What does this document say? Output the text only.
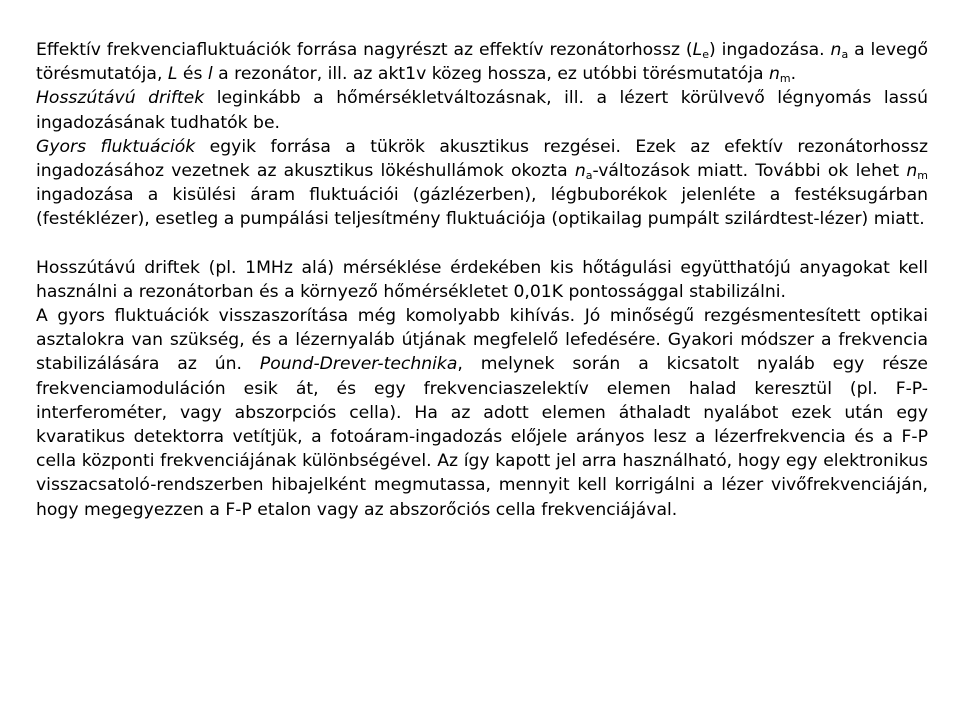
Effektív frekvenciafluktuációk forrása nagyrészt az effektív rezonátorhossz $(L_e)$ ingadozása. $n_a$ a levegő törésmutatója, L és l a rezonátor, ill. az akt1v közeg hossza, ez utóbbi törésmutatója $n_m$.

Hosszútávú driftek leginkább a hőmérsékletváltozásnak, ill. a lézert körülvevő légnyomás lassú ingadozásának tudhatók be.

Gyors fluktuációk egyik forrása a tükrök akusztikus rezgései. Ezek az efektív rezonátorhossz ingadozásához vezetnek az akusztikus lökéshullámok okozta $n_a$-változások miatt. További ok lehet $n_m$ ingadozása a kisülési áram fluktuációi (gázlézerben), légbuborékok jelenléte a festéksugárban (festéklézer), esetleg a pumpálási teljesítmény fluktuációja (optikailag pumpált szilárdtest-lézer) miatt.

Hosszútávú driftek (pl. 1MHz alá) mérséklése érdekében kis hőtágulási együtthatójú anyagokat kell használni a rezonátorban és a környező hőmérsékletet 0,01K pontossággal stabilizálni.

A gyors fluktuációk visszaszorítása még komolyabb kihívás. Jó minőségű rezgésmentesített optikai asztalokra van szükség, és a lézernyaláb útjának megfelelő lefedésére. Gyakori módszer a frekvencia stabilizálására az ún. Pound-Drever-technika, melynek során a kicsatolt nyaláb egy része frekvenciamoduláción esik át, és egy frekvenciaszelektív elemen halad keresztül (pl. F-P- interferométer, vagy abszorpciós cella). Ha az adott elemen áthaladt nyalábot ezek után egy kvaratikus detektorra vetítjük, a fotoáram-ingadozás előjele arányos lesz a lézerfrekvencia és a F-P cella központi frekvenciájának különbségével. Az így kapott jel arra használható, hogy egy elektronikus visszacsatoló-rendszerben hibajelként megmutassa, mennyit kell korrigálni a lézer vivőfrekvenciáján, hogy megegyezzen a F-P etalon vagy az abszorőciós cella frekvenciájával.
